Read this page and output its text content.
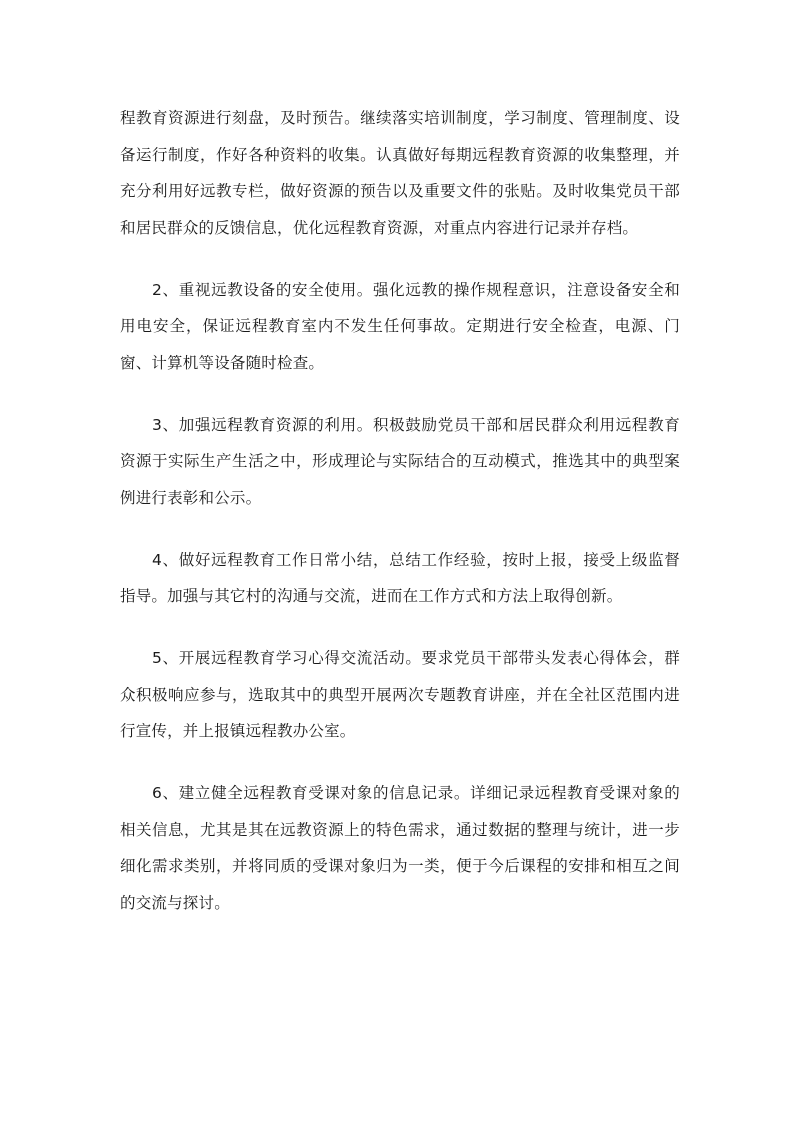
程教育资源进行刻盘，及时预告。继续落实培训制度，学习制度、管理制度、设备运行制度，作好各种资料的收集。认真做好每期远程教育资源的收集整理，并充分利用好远教专栏，做好资源的预告以及重要文件的张贴。及时收集党员干部和居民群众的反馈信息，优化远程教育资源，对重点内容进行记录并存档。

2、重视远教设备的安全使用。强化远教的操作规程意识，注意设备安全和用电安全，保证远程教育室内不发生任何事故。定期进行安全检查，电源、门窗、计算机等设备随时检查。

3、加强远程教育资源的利用。积极鼓励党员干部和居民群众利用远程教育资源于实际生产生活之中，形成理论与实际结合的互动模式，推选其中的典型案例进行表彰和公示。

4、做好远程教育工作日常小结，总结工作经验，按时上报，接受上级监督指导。加强与其它村的沟通与交流，进而在工作方式和方法上取得创新。

5、开展远程教育学习心得交流活动。要求党员干部带头发表心得体会，群众积极响应参与，选取其中的典型开展两次专题教育讲座，并在全社区范围内进行宣传，并上报镇远程教办公室。

6、建立健全远程教育受课对象的信息记录。详细记录远程教育受课对象的相关信息，尤其是其在远教资源上的特色需求，通过数据的整理与统计，进一步细化需求类别，并将同质的受课对象归为一类，便于今后课程的安排和相互之间的交流与探讨。
